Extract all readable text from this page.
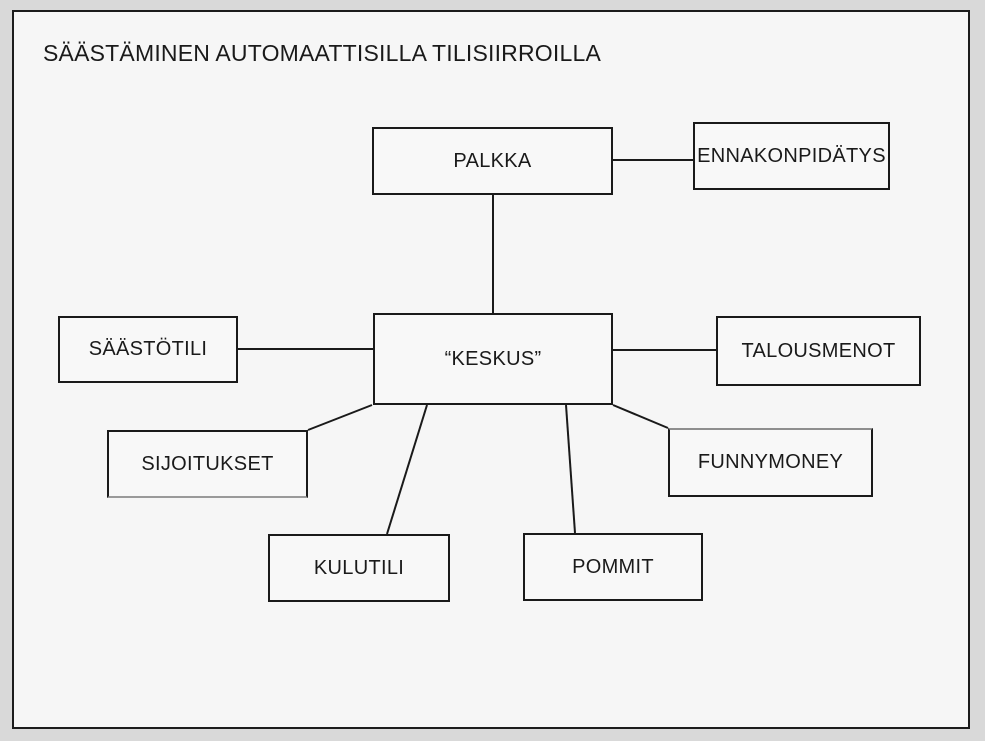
SÄÄSTÄMINEN AUTOMAATTISILLA TILISIIRROILLA
PALKKA	ENNAKONPIDÄTYS
SÄÄSTÖTILI	“KESKUS”	TALOUSMENOT
SIJOITUKSET	FUNNYMONEY
KULUTILI	POMMIT
